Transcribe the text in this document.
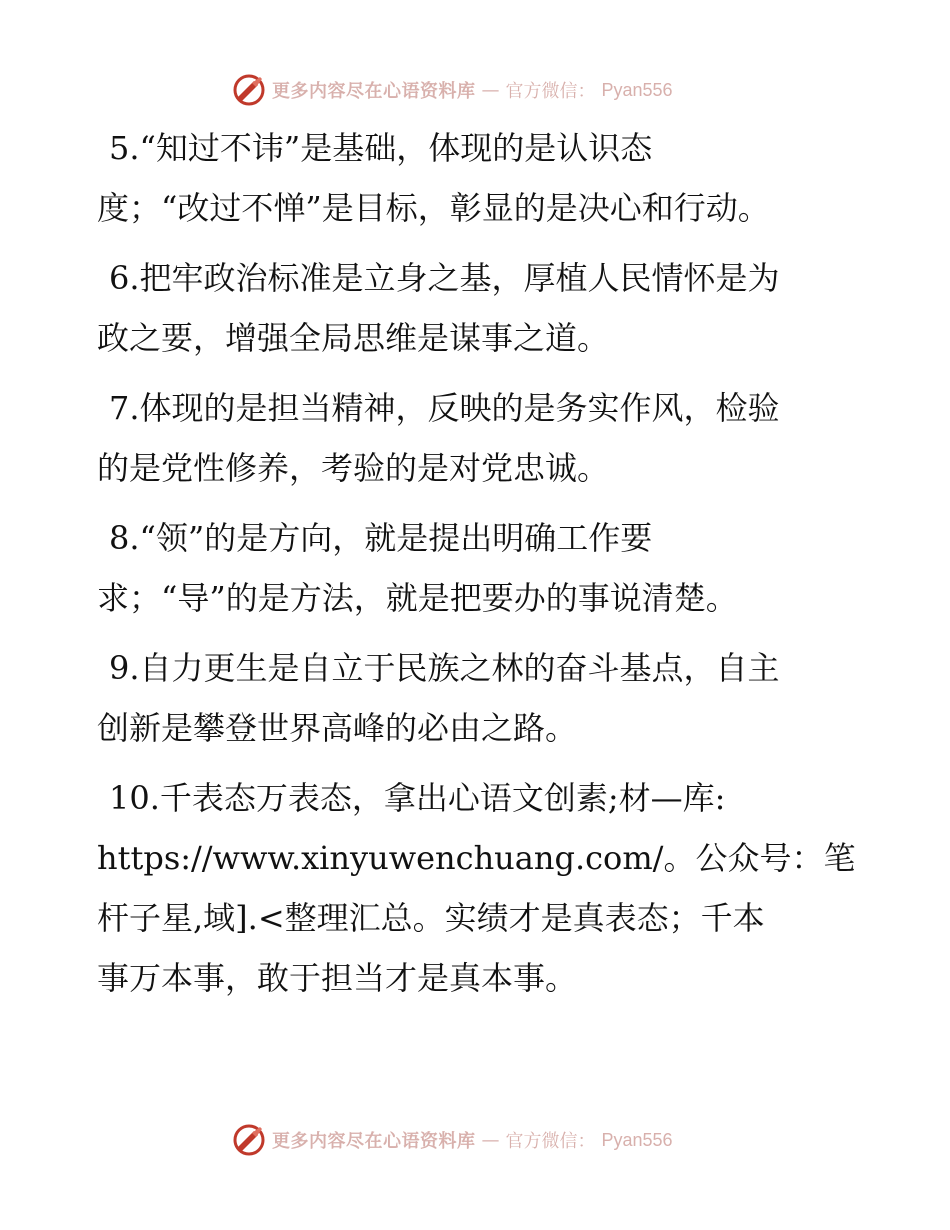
更多内容尽在心语资料库 — 官方微信： Pyan556
5.“知过不讳”是基础，体现的是认识态
度；“改过不惮”是目标，彰显的是决心和行动。
6.把牢政治标准是立身之基，厚植人民情怀是为
政之要，增强全局思维是谋事之道。
7.体现的是担当精神，反映的是务实作风，检验
的是党性修养，考验的是对党忠诚。
8.“领”的是方向，就是提出明确工作要
求；“导”的是方法，就是把要办的事说清楚。
9.自力更生是自立于民族之林的奋斗基点，自主
创新是攀登世界高峰的必由之路。
10.千表态万表态，拿出心语文创素;材—库:
https://www.xinyuwenchuang.com/。公众号：笔
杆子星,域].<整理汇总。实绩才是真表态；千本
事万本事，敢于担当才是真本事。
更多内容尽在心语资料库 — 官方微信： Pyan556
